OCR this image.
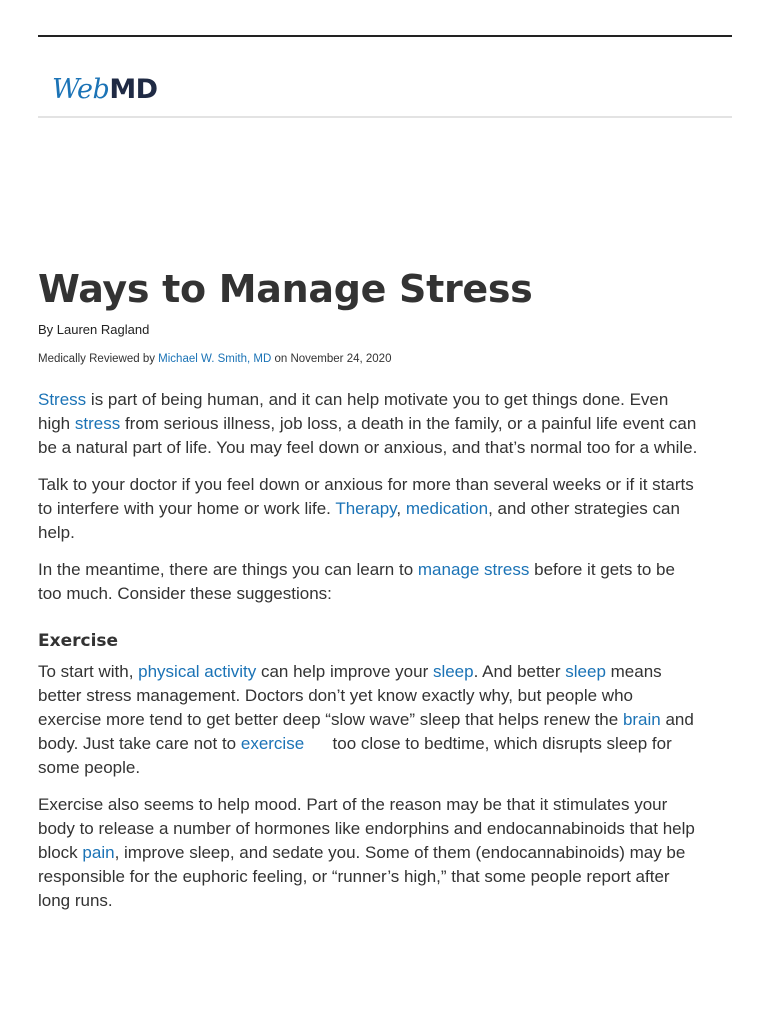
WebMD
Ways to Manage Stress
By Lauren Ragland
Medically Reviewed by Michael W. Smith, MD on November 24, 2020

Stress is part of being human, and it can help motivate you to get things done. Even high stress from serious illness, job loss, a death in the family, or a painful life event can be a natural part of life. You may feel down or anxious, and that’s normal too for a while.

Talk to your doctor if you feel down or anxious for more than several weeks or if it starts to interfere with your home or work life. Therapy, medication, and other strategies can help.

In the meantime, there are things you can learn to manage stress before it gets to be too much. Consider these suggestions:

Exercise

To start with, physical activity can help improve your sleep. And better sleep means better stress management. Doctors don’t yet know exactly why, but people who exercise more tend to get better deep “slow wave” sleep that helps renew the brain and body. Just take care not to exercise      too close to bedtime, which disrupts sleep for some people.

Exercise also seems to help mood. Part of the reason may be that it stimulates your body to release a number of hormones like endorphins and endocannabinoids that help block pain, improve sleep, and sedate you. Some of them (endocannabinoids) may be responsible for the euphoric feeling, or “runner’s high,” that some people report after long runs.
